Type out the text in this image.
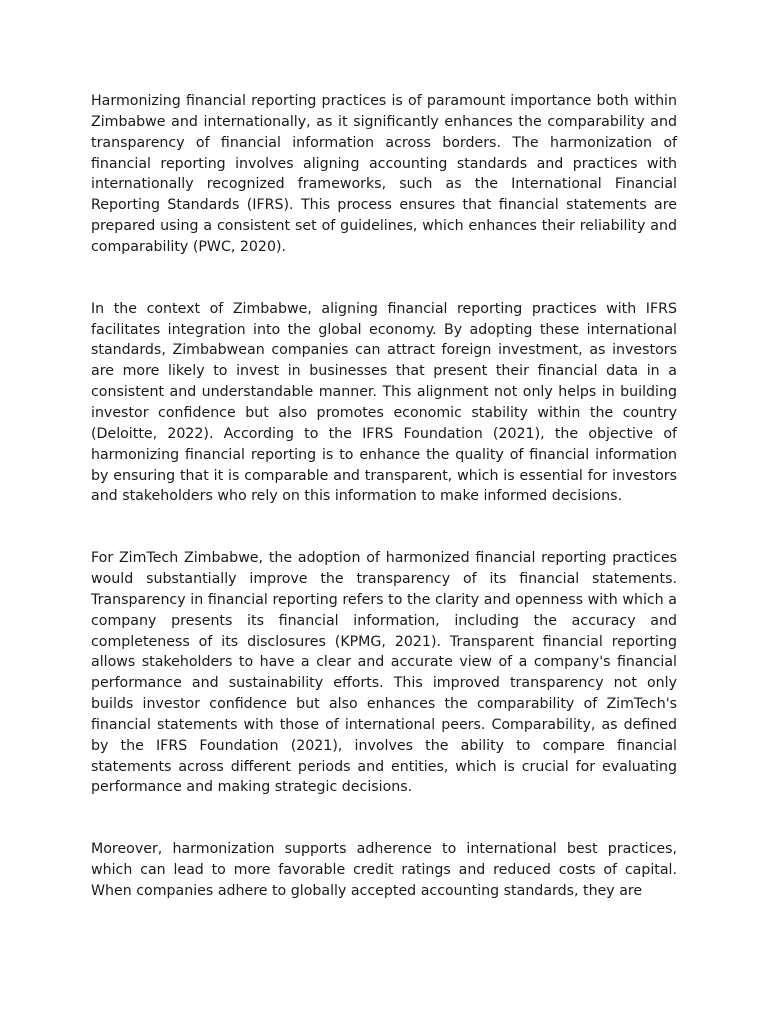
Harmonizing financial reporting practices is of paramount importance both within Zimbabwe and internationally, as it significantly enhances the comparability and transparency of financial information across borders. The harmonization of financial reporting involves aligning accounting standards and practices with internationally recognized frameworks, such as the International Financial Reporting Standards (IFRS). This process ensures that financial statements are prepared using a consistent set of guidelines, which enhances their reliability and comparability (PWC, 2020).

In the context of Zimbabwe, aligning financial reporting practices with IFRS facilitates integration into the global economy. By adopting these international standards, Zimbabwean companies can attract foreign investment, as investors are more likely to invest in businesses that present their financial data in a consistent and understandable manner. This alignment not only helps in building investor confidence but also promotes economic stability within the country (Deloitte, 2022). According to the IFRS Foundation (2021), the objective of harmonizing financial reporting is to enhance the quality of financial information by ensuring that it is comparable and transparent, which is essential for investors and stakeholders who rely on this information to make informed decisions.

For ZimTech Zimbabwe, the adoption of harmonized financial reporting practices would substantially improve the transparency of its financial statements. Transparency in financial reporting refers to the clarity and openness with which a company presents its financial information, including the accuracy and completeness of its disclosures (KPMG, 2021). Transparent financial reporting allows stakeholders to have a clear and accurate view of a company's financial performance and sustainability efforts. This improved transparency not only builds investor confidence but also enhances the comparability of ZimTech's financial statements with those of international peers. Comparability, as defined by the IFRS Foundation (2021), involves the ability to compare financial statements across different periods and entities, which is crucial for evaluating performance and making strategic decisions.

Moreover, harmonization supports adherence to international best practices, which can lead to more favorable credit ratings and reduced costs of capital. When companies adhere to globally accepted accounting standards, they are
